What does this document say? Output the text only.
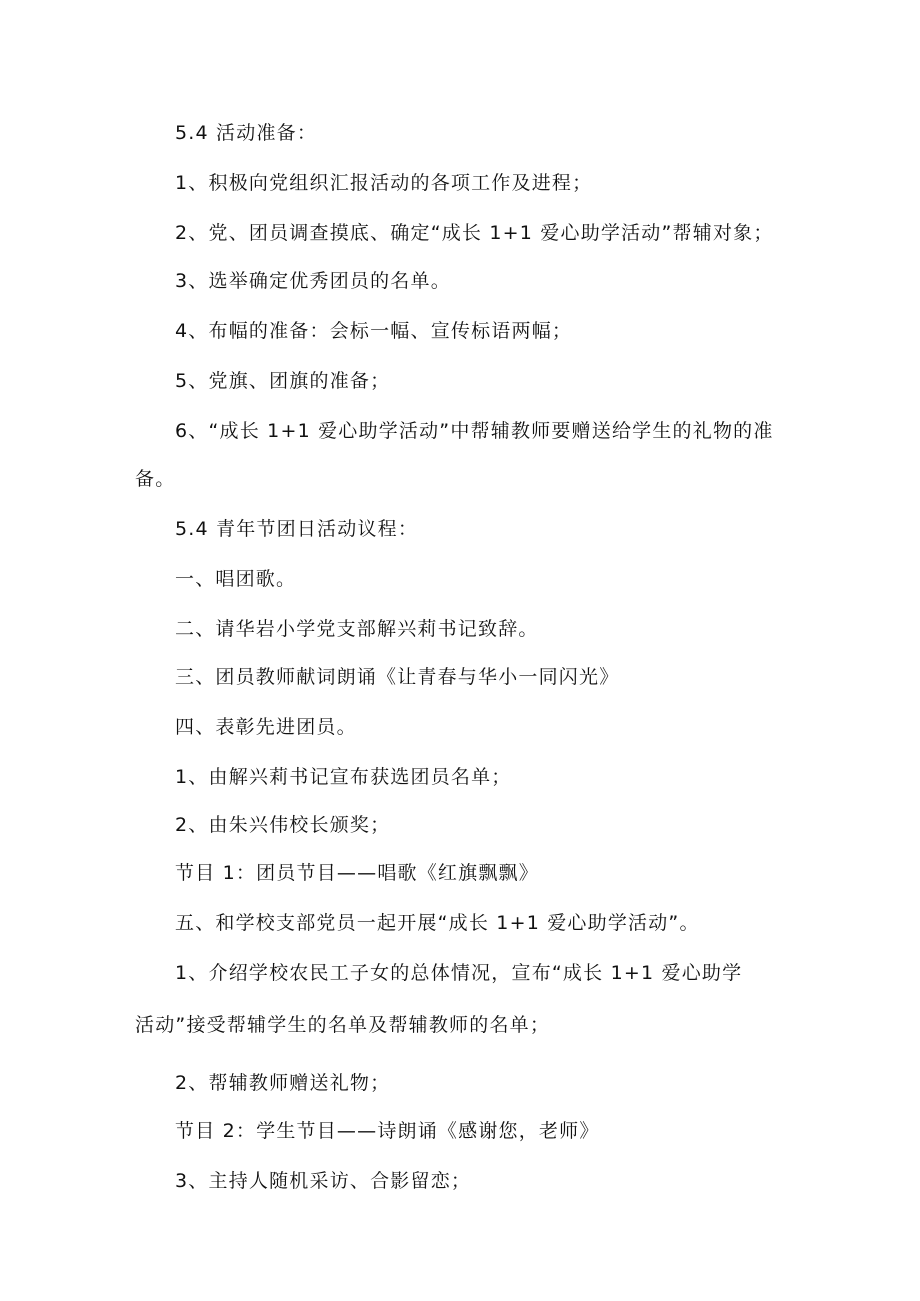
5.4 活动准备：
1、积极向党组织汇报活动的各项工作及进程；
2、党、团员调查摸底、确定“成长 1+1 爱心助学活动”帮辅对象；
3、选举确定优秀团员的名单。
4、布幅的准备：会标一幅、宣传标语两幅；
5、党旗、团旗的准备；
6、“成长 1+1 爱心助学活动”中帮辅教师要赠送给学生的礼物的准
备。
5.4 青年节团日活动议程：
一、唱团歌。
二、请华岩小学党支部解兴莉书记致辞。
三、团员教师献词朗诵《让青春与华小一同闪光》
四、表彰先进团员。
1、由解兴莉书记宣布获选团员名单；
2、由朱兴伟校长颁奖；
节目 1：团员节目——唱歌《红旗飘飘》
五、和学校支部党员一起开展“成长 1+1 爱心助学活动”。
1、介绍学校农民工子女的总体情况，宣布“成长 1+1 爱心助学
活动”接受帮辅学生的名单及帮辅教师的名单；
2、帮辅教师赠送礼物；
节目 2：学生节目——诗朗诵《感谢您，老师》
3、主持人随机采访、合影留恋；
